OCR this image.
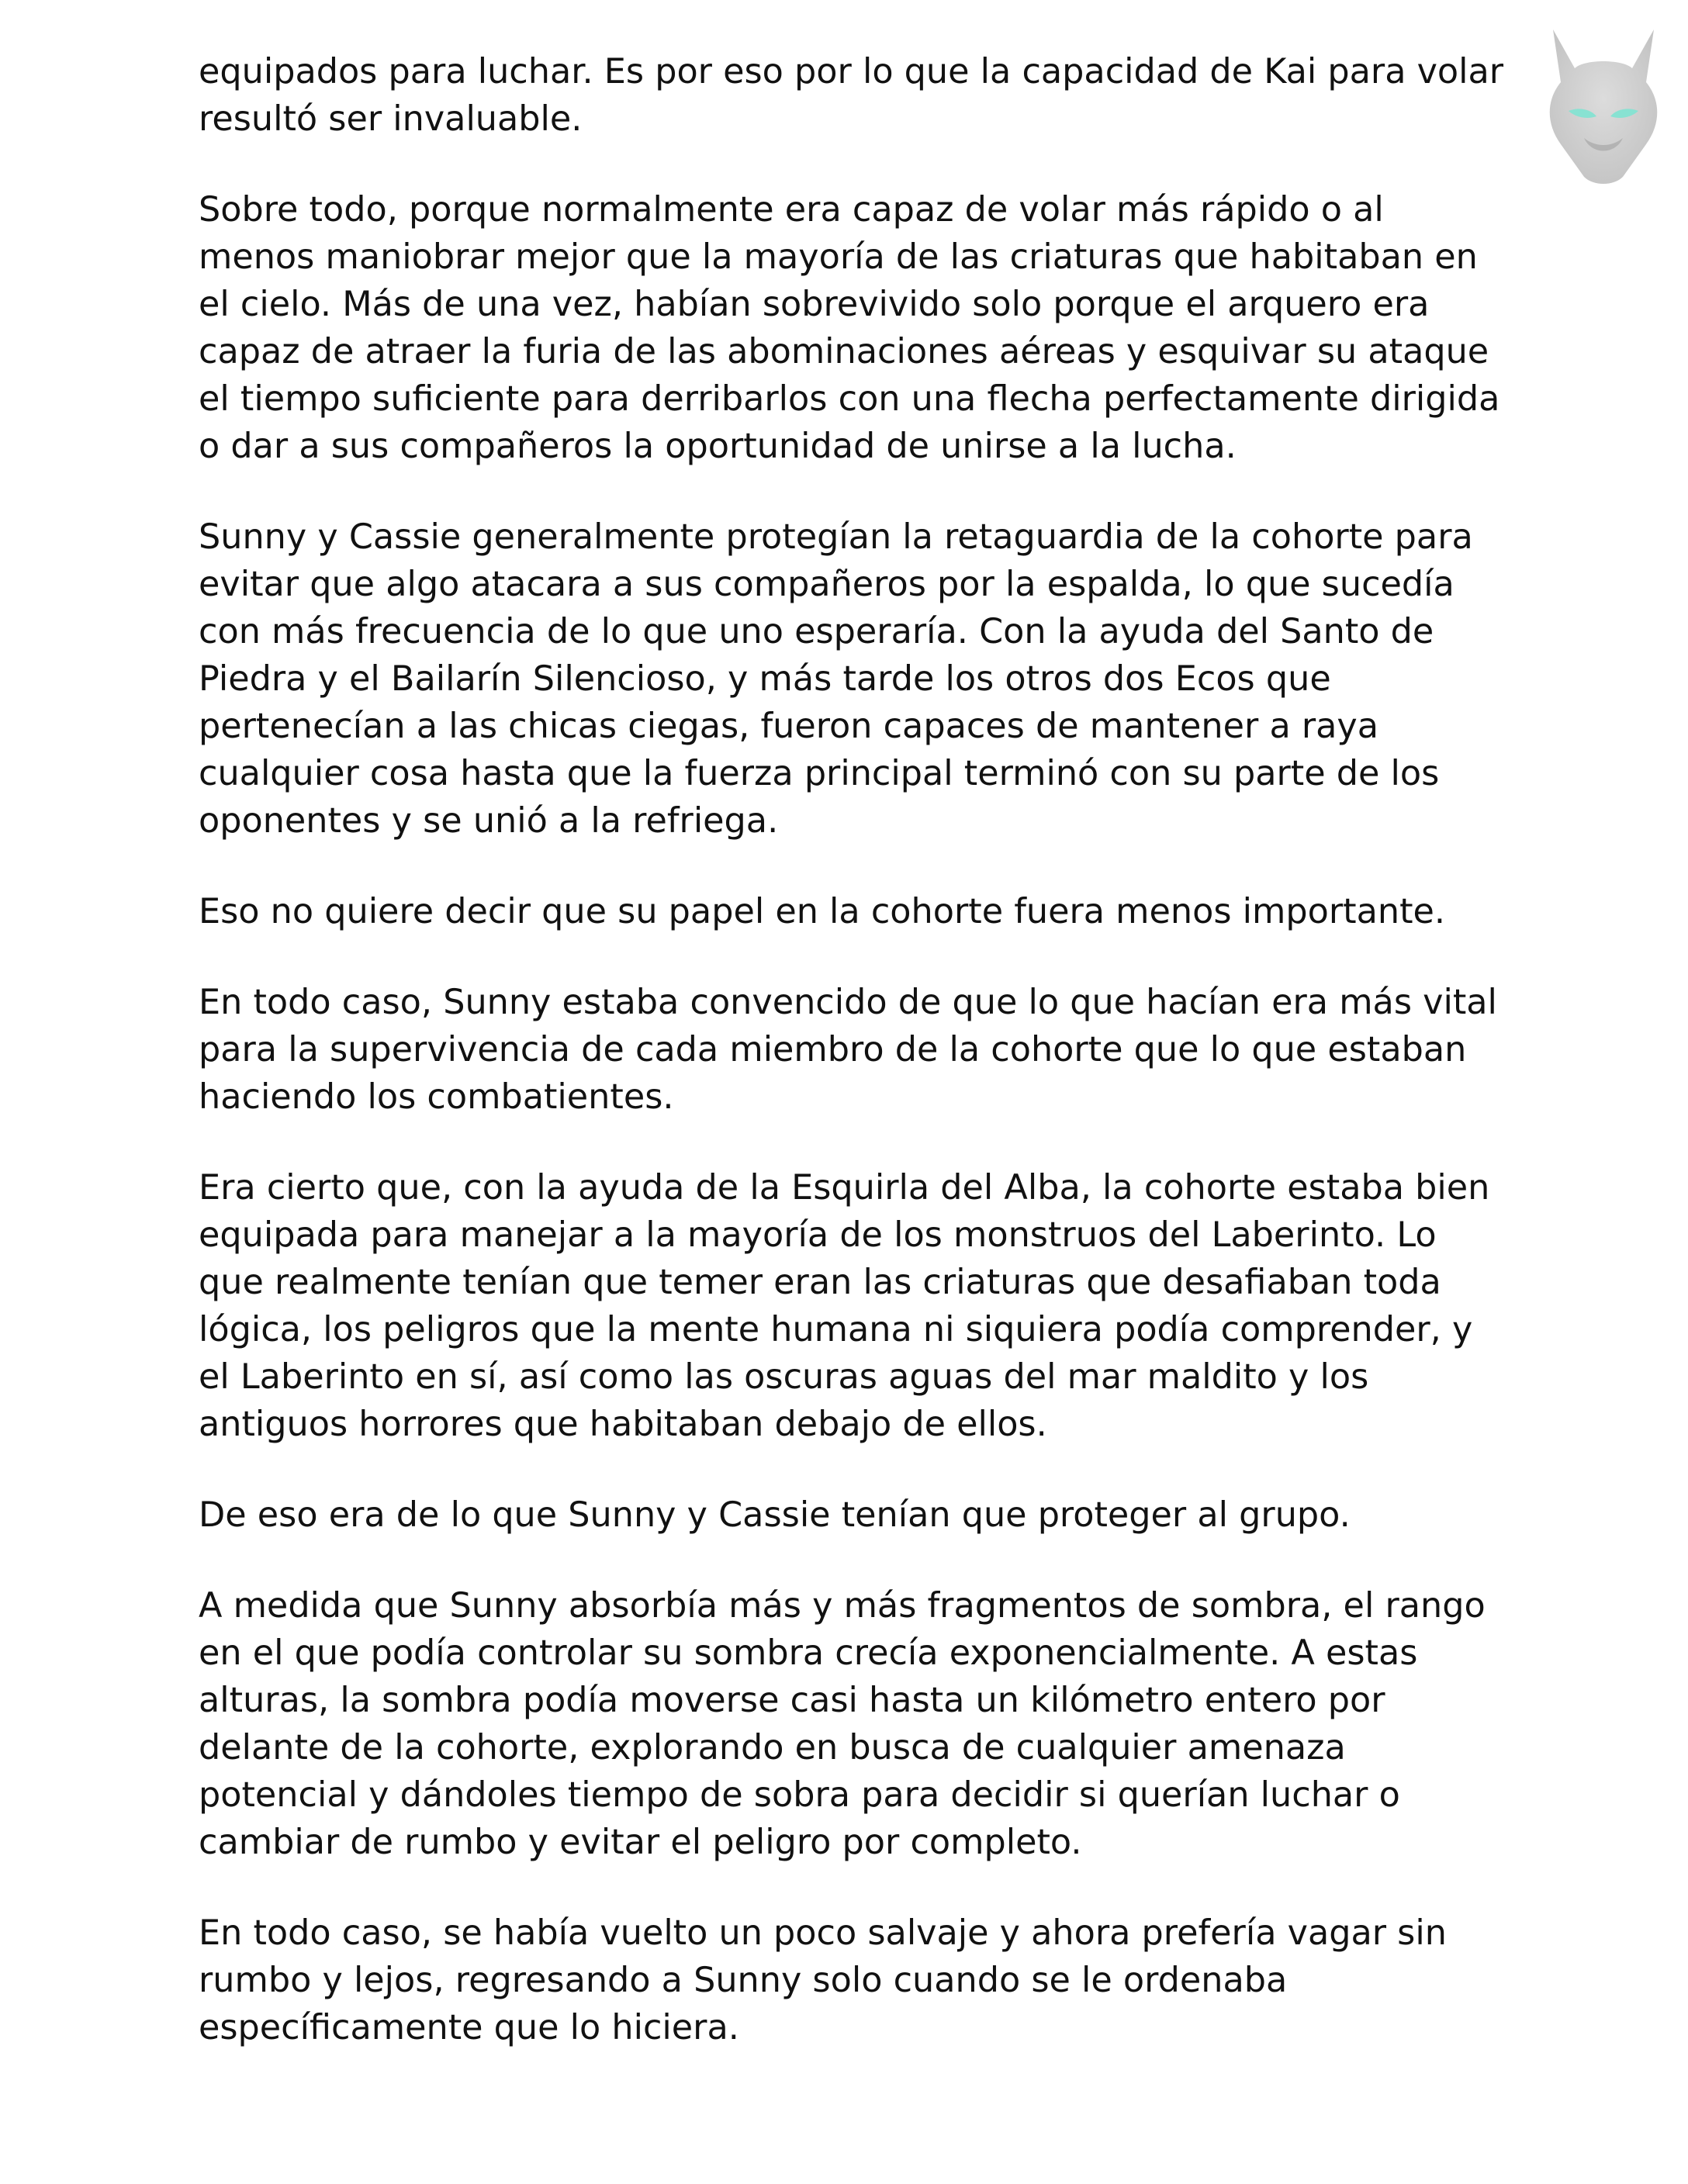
equipados para luchar. Es por eso por lo que la capacidad de Kai para volar resultó ser invaluable.

Sobre todo, porque normalmente era capaz de volar más rápido o al menos maniobrar mejor que la mayoría de las criaturas que habitaban en el cielo. Más de una vez, habían sobrevivido solo porque el arquero era capaz de atraer la furia de las abominaciones aéreas y esquivar su ataque el tiempo suficiente para derribarlos con una flecha perfectamente dirigida o dar a sus compañeros la oportunidad de unirse a la lucha.

Sunny y Cassie generalmente protegían la retaguardia de la cohorte para evitar que algo atacara a sus compañeros por la espalda, lo que sucedía con más frecuencia de lo que uno esperaría. Con la ayuda del Santo de Piedra y el Bailarín Silencioso, y más tarde los otros dos Ecos que pertenecían a las chicas ciegas, fueron capaces de mantener a raya cualquier cosa hasta que la fuerza principal terminó con su parte de los oponentes y se unió a la refriega.

Eso no quiere decir que su papel en la cohorte fuera menos importante.

En todo caso, Sunny estaba convencido de que lo que hacían era más vital para la supervivencia de cada miembro de la cohorte que lo que estaban haciendo los combatientes.

Era cierto que, con la ayuda de la Esquirla del Alba, la cohorte estaba bien equipada para manejar a la mayoría de los monstruos del Laberinto. Lo que realmente tenían que temer eran las criaturas que desafiaban toda lógica, los peligros que la mente humana ni siquiera podía comprender, y el Laberinto en sí, así como las oscuras aguas del mar maldito y los antiguos horrores que habitaban debajo de ellos.

De eso era de lo que Sunny y Cassie tenían que proteger al grupo.

A medida que Sunny absorbía más y más fragmentos de sombra, el rango en el que podía controlar su sombra crecía exponencialmente. A estas alturas, la sombra podía moverse casi hasta un kilómetro entero por delante de la cohorte, explorando en busca de cualquier amenaza potencial y dándoles tiempo de sobra para decidir si querían luchar o cambiar de rumbo y evitar el peligro por completo.

En todo caso, se había vuelto un poco salvaje y ahora prefería vagar sin rumbo y lejos, regresando a Sunny solo cuando se le ordenaba específicamente que lo hiciera.
